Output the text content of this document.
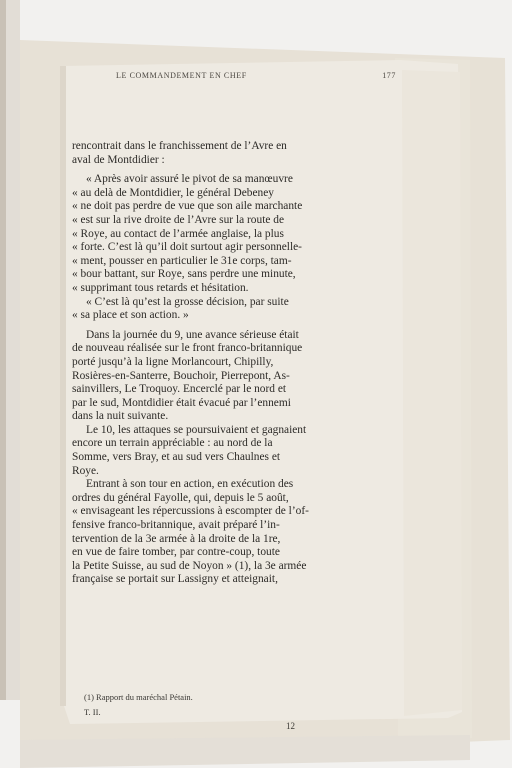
LE COMMANDEMENT EN CHEF	177
rencontrait dans le franchissement de l’Avre en
aval de Montdidier :
« Après avoir assuré le pivot de sa manœuvre
« au delà de Montdidier, le général Debeney
« ne doit pas perdre de vue que son aile marchante
« est sur la rive droite de l’Avre sur la route de
« Roye, au contact de l’armée anglaise, la plus
« forte. C’est là qu’il doit surtout agir personnelle-
« ment, pousser en particulier le 31e corps, tam-
« bour battant, sur Roye, sans perdre une minute,
« supprimant tous retards et hésitation.
« C’est là qu’est la grosse décision, par suite
« sa place et son action. »
Dans la journée du 9, une avance sérieuse était
de nouveau réalisée sur le front franco-britannique
porté jusqu’à la ligne Morlancourt, Chipilly,
Rosières-en-Santerre, Bouchoir, Pierrepont, As-
sainvillers, Le Troquoy. Encerclé par le nord et
par le sud, Montdidier était évacué par l’ennemi
dans la nuit suivante.
Le 10, les attaques se poursuivaient et gagnaient
encore un terrain appréciable : au nord de la
Somme, vers Bray, et au sud vers Chaulnes et
Roye.
Entrant à son tour en action, en exécution des
ordres du général Fayolle, qui, depuis le 5 août,
« envisageant les répercussions à escompter de l’of-
fensive franco-britannique, avait préparé l’in-
tervention de la 3e armée à la droite de la 1re,
en vue de faire tomber, par contre-coup, toute
la Petite Suisse, au sud de Noyon » (1), la 3e armée
française se portait sur Lassigny et atteignait,
(1) Rapport du maréchal Pétain.
T. II.
12
